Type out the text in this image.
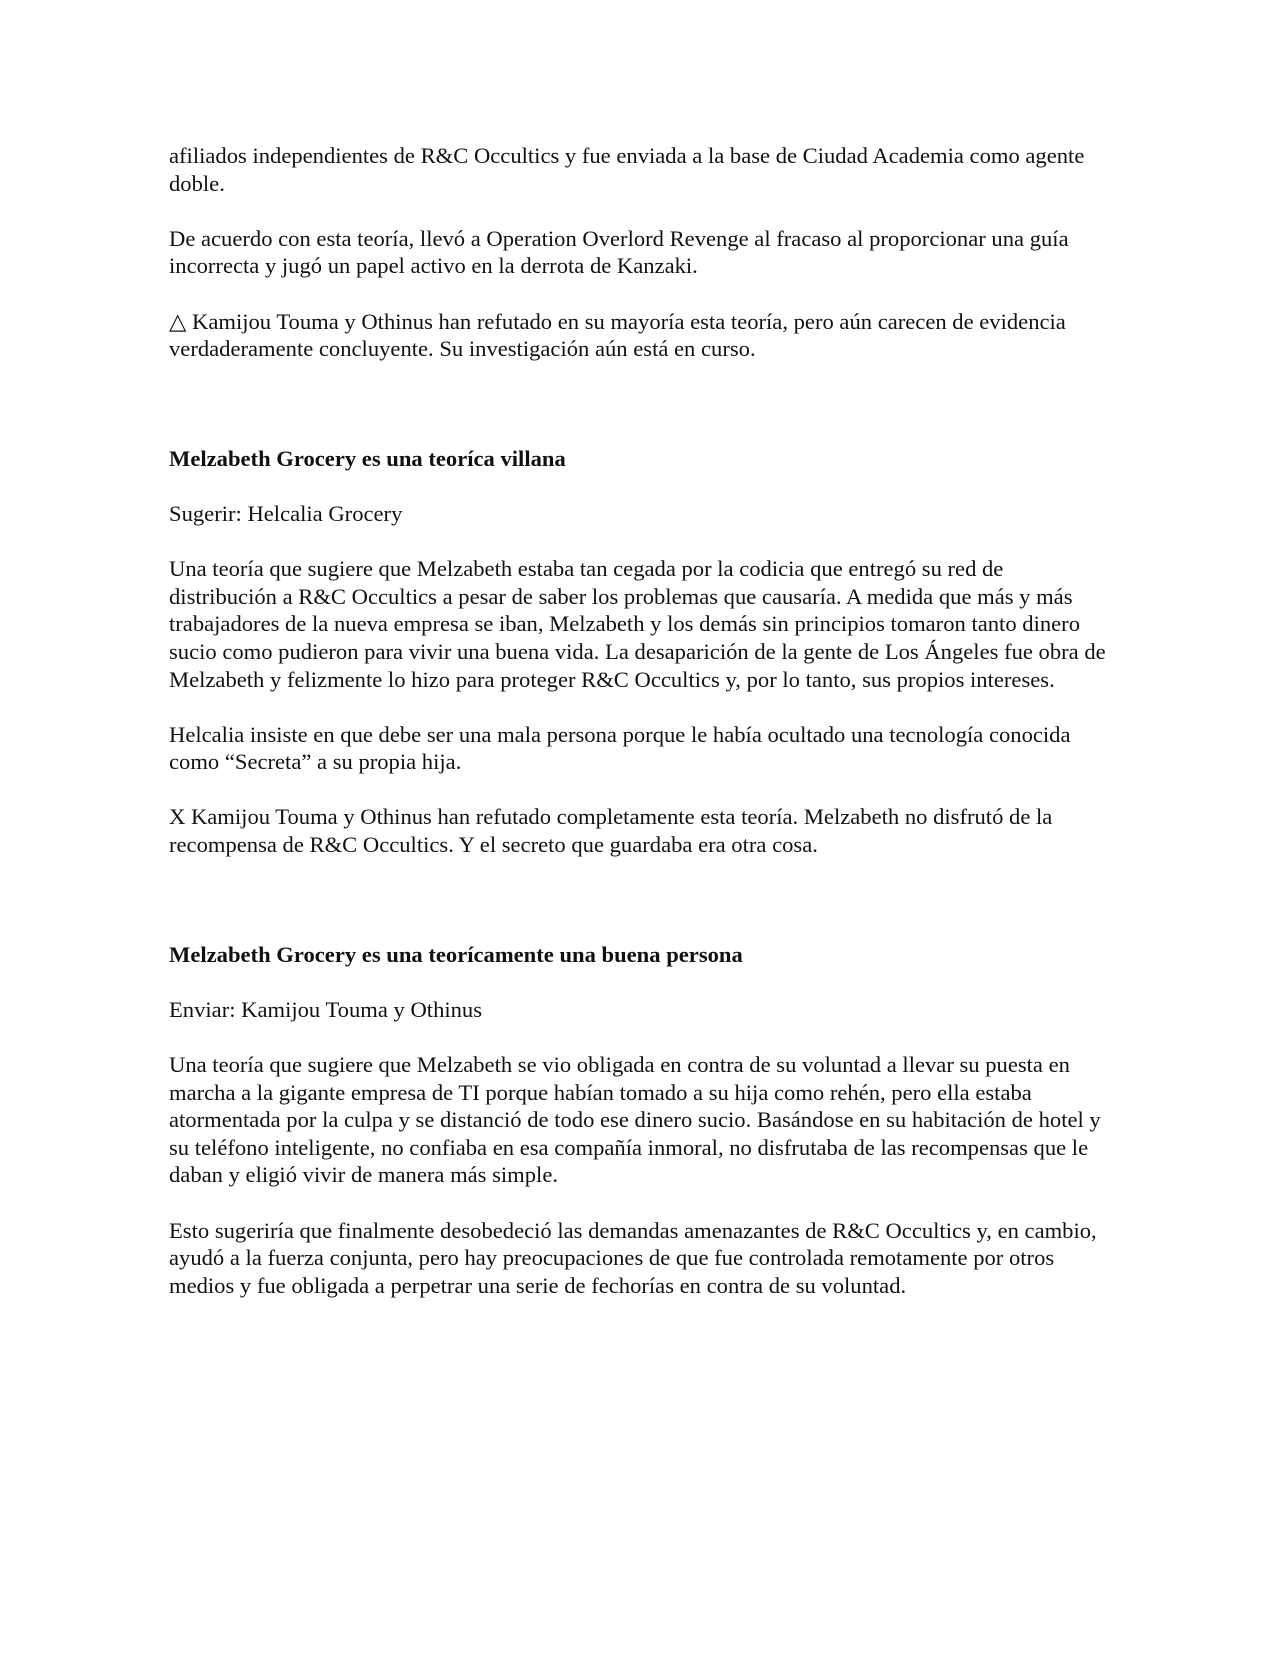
afiliados independientes de R&C Occultics y fue enviada a la base de Ciudad Academia como agente doble.

De acuerdo con esta teoría, llevó a Operation Overlord Revenge al fracaso al proporcionar una guía incorrecta y jugó un papel activo en la derrota de Kanzaki.

△ Kamijou Touma y Othinus han refutado en su mayoría esta teoría, pero aún carecen de evidencia verdaderamente concluyente. Su investigación aún está en curso.

Melzabeth Grocery es una teoríca villana

Sugerir: Helcalia Grocery

Una teoría que sugiere que Melzabeth estaba tan cegada por la codicia que entregó su red de distribución a R&C Occultics a pesar de saber los problemas que causaría. A medida que más y más trabajadores de la nueva empresa se iban, Melzabeth y los demás sin principios tomaron tanto dinero sucio como pudieron para vivir una buena vida. La desaparición de la gente de Los Ángeles fue obra de Melzabeth y felizmente lo hizo para proteger R&C Occultics y, por lo tanto, sus propios intereses.

Helcalia insiste en que debe ser una mala persona porque le había ocultado una tecnología conocida como “Secreta” a su propia hija.

X Kamijou Touma y Othinus han refutado completamente esta teoría. Melzabeth no disfrutó de la recompensa de R&C Occultics. Y el secreto que guardaba era otra cosa.

Melzabeth Grocery es una teorícamente una buena persona

Enviar: Kamijou Touma y Othinus

Una teoría que sugiere que Melzabeth se vio obligada en contra de su voluntad a llevar su puesta en marcha a la gigante empresa de TI porque habían tomado a su hija como rehén, pero ella estaba atormentada por la culpa y se distanció de todo ese dinero sucio. Basándose en su habitación de hotel y su teléfono inteligente, no confiaba en esa compañía inmoral, no disfrutaba de las recompensas que le daban y eligió vivir de manera más simple.

Esto sugeriría que finalmente desobedeció las demandas amenazantes de R&C Occultics y, en cambio, ayudó a la fuerza conjunta, pero hay preocupaciones de que fue controlada remotamente por otros medios y fue obligada a perpetrar una serie de fechorías en contra de su voluntad.
